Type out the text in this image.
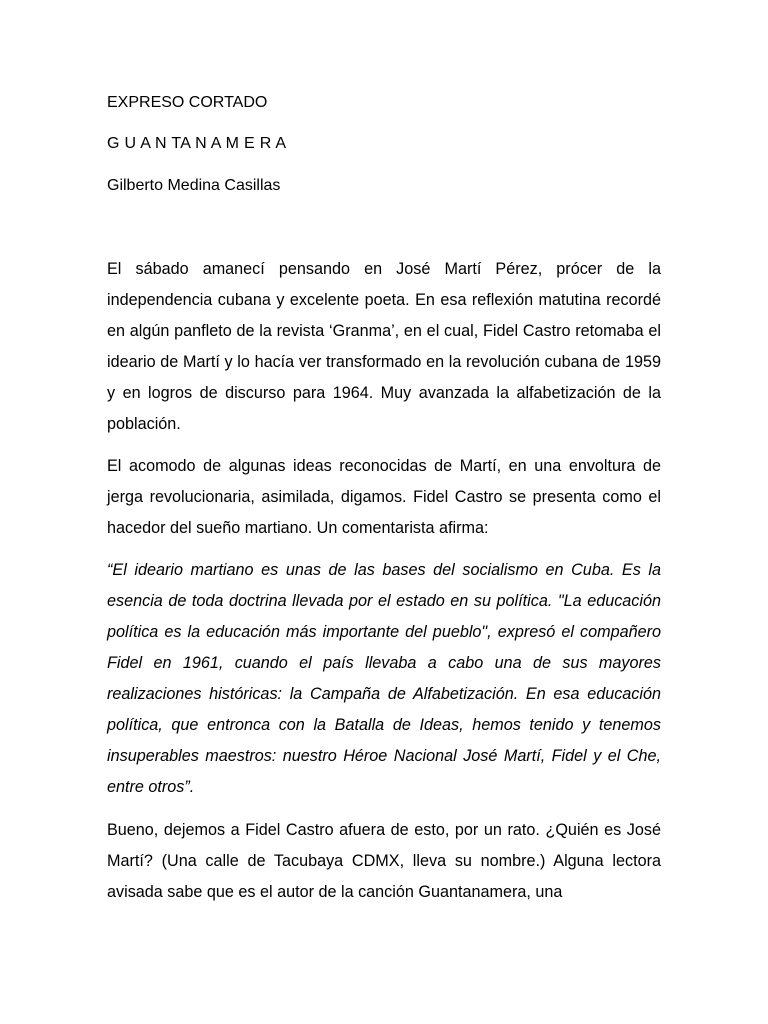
EXPRESO CORTADO
G U A N TA N A M E R A
Gilberto Medina Casillas

El sábado amanecí pensando en José Martí Pérez, prócer de la independencia cubana y excelente poeta. En esa reflexión matutina recordé en algún panfleto de la revista ‘Granma’, en el cual, Fidel Castro retomaba el ideario de Martí y lo hacía ver transformado en la revolución cubana de 1959 y en logros de discurso para 1964. Muy avanzada la alfabetización de la población.

El acomodo de algunas ideas reconocidas de Martí, en una envoltura de jerga revolucionaria, asimilada, digamos. Fidel Castro se presenta como el hacedor del sueño martiano. Un comentarista afirma:

“El ideario martiano es unas de las bases del socialismo en Cuba. Es la esencia de toda doctrina llevada por el estado en su política. "La educación política es la educación más importante del pueblo", expresó el compañero Fidel en 1961, cuando el país llevaba a cabo una de sus mayores realizaciones históricas: la Campaña de Alfabetización. En esa educación política, que entronca con la Batalla de Ideas, hemos tenido y tenemos insuperables maestros: nuestro Héroe Nacional José Martí, Fidel y el Che, entre otros”.

Bueno, dejemos a Fidel Castro afuera de esto, por un rato. ¿Quién es José Martí? (Una calle de Tacubaya CDMX, lleva su nombre.) Alguna lectora avisada sabe que es el autor de la canción Guantanamera, una
